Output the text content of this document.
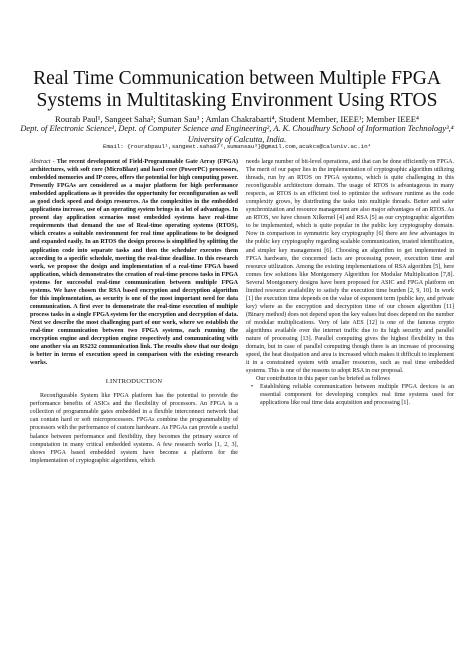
Real Time Communication between Multiple FPGA Systems in Multitasking Environment Using RTOS
Rourab Paul¹, Sangeet Saha²; Suman Sau³ ; Amlan Chakrabarti⁴, Student Member, IEEE¹; Member IEEE⁴
Dept. of Electronic Science¹, Dept. of Computer Science and Engineering², A. K. Choudhury School of Information Technology³,⁴
University of Calcutta, India.
Email: {rourabpaul¹,sangeet.saha87²,sumansau³}@gmail.com,acakcs@caluniv.ac.in⁴

Abstract - The recent development of Field-Programmable Gate Array (FPGA) architectures, with soft core (MicroBlaze) and hard core (PowerPC) processors, embedded memories and IP cores, offers the potential for high computing power. Presently FPGAs are considered as a major platform for high performance embedded applications as it provides the opportunity for reconfiguration as well as good clock speed and design resources. As the complexities in the embedded applications increase, use of an operating system brings in a lot of advantages. In present day application scenarios most embedded systems have real-time requirements that demand the use of Real-time operating systems (RTOS), which creates a suitable environment for real time applications to be designed and expanded easily. In an RTOS the design process is simplified by splitting the application code into separate tasks and then the scheduler executes them according to a specific schedule, meeting the real-time deadline. In this research work, we propose the design and implementation of a real-time FPGA based application, which demonstrates the creation of real-time process tasks in FPGA systems for successful real-time communication between multiple FPGA systems. We have chosen the RSA based encryption and decryption algorithm for this implementation, as security is one of the most important need for data communication. A first ever to demonstrate the real-time execution of multiple process tasks in a single FPGA system for the encryption and decryption of data. Next we describe the most challenging part of our work, where we establish the real-time communication between two FPGA systems, each running the encryption engine and decryption engine respectively and communicating with one another via an RS232 communication link. The results show that our design is better in terms of execution speed in comparison with the existing research works.

I.INTRODUCTION

Reconfigurable System like FPGA platform has the potential to provide the performance benefits of ASICs and the flexibility of processors. An FPGA is a collection of programmable gates embedded in a flexible interconnect network that can contain hard or soft microprocessors. FPGAs combine the programmability of processors with the performance of custom hardware. As FPGAs can provide a useful balance between performance and flexibility, they becomes the primary source of computation in many critical embedded systems. A few research works [1, 2, 3], shows FPGA based embedded system have become a platform for the implementation of cryptographic algorithms, which

needs large number of bit-level operations, and that can be done efficiently on FPGA. The merit of our paper lies in the implementation of cryptographic algorithm utilizing threads, run by an RTOS on FPGA systems, which is quite challenging in this reconfigurable architecture domain. The usage of RTOS is advantageous in many respects, as RTOS is an efficient tool to optimize the software runtime as the code complexity grows, by distributing the tasks into multiple threads. Better and safer synchronization and resource management are also major advantages of an RTOS. As an RTOS, we have chosen Xilkernel [4] and RSA [5] as our cryptographic algorithm to be implemented, which is quite popular in the public key cryptography domain. Now in comparison to symmetric key cryptography [6] there are few advantages in the public key cryptography regarding scalable communication, trusted identification, and simpler key management [6]. Choosing an algorithm to get implemented in FPGA hardware, the concerned facts are processing power, execution time and resource utilization. Among the existing implementations of RSA algorithm [5], here comes few solutions like Montgomery Algorithm for Modular Multiplication [7,8]. Several Montgomery designs have been proposed for ASIC and FPGA platform on limited resource availability to satisfy the execution time burden [2, 9, 10]. In work [1] the execution time depends on the value of exponent term (public key, and private key) where as the encryption and decryption time of our chosen algorithm [11] (Binary method) does not depend upon the key values but does depend on the number of modular multiplications. Very of late AES [12] is one of the famous crypto algorithms available over the internet traffic due to its high security and parallel nature of processing [13]. Parallel computing gives the highest flexibility in this domain, but in case of parallel computing though there is an increase of processing speed, the heat dissipation and area is increased which makes it difficult to implement it in a constrained system with smaller resources, such as real time embedded systems. This is one of the reasons to adopt RSA in our proposal.

Our contribution in this paper can be briefed as follows

• Establishing reliable communication between multiple FPGA devices is an essential component for developing complex real time systems used for applications like real time data acquisition and processing [1].
